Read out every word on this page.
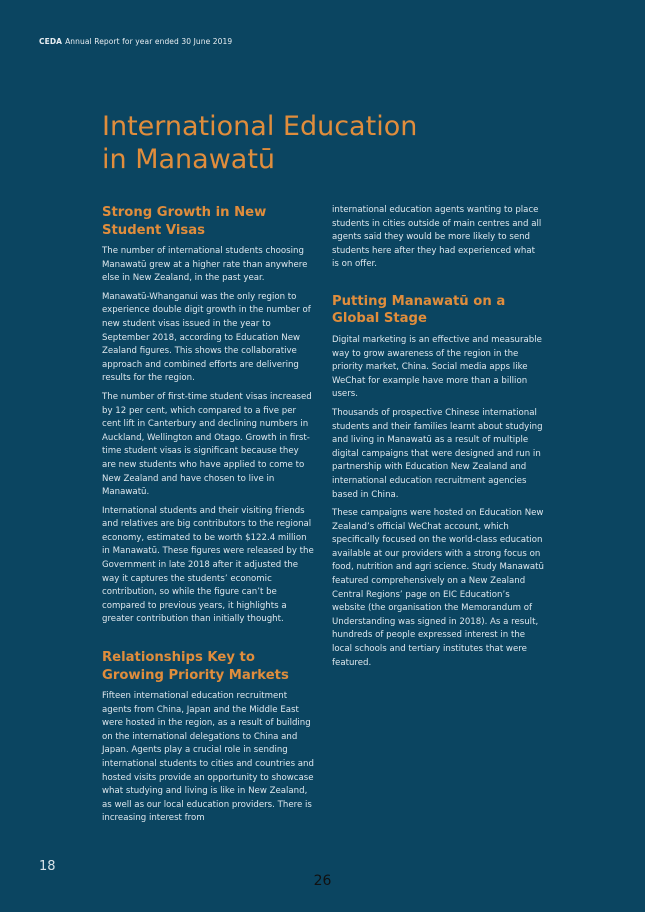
CEDA Annual Report for year ended 30 June 2019
International Education
in Manawatū
Strong Growth in New Student Visas

The number of international students choosing Manawatū grew at a higher rate than anywhere else in New Zealand, in the past year.

Manawatū-Whanganui was the only region to experience double digit growth in the number of new student visas issued in the year to September 2018, according to Education New Zealand figures. This shows the collaborative approach and combined efforts are delivering results for the region.

The number of first-time student visas increased by 12 per cent, which compared to a five per cent lift in Canterbury and declining numbers in Auckland, Wellington and Otago. Growth in first-time student visas is significant because they are new students who have applied to come to New Zealand and have chosen to live in Manawatū.

International students and their visiting friends and relatives are big contributors to the regional economy, estimated to be worth $122.4 million in Manawatū. These figures were released by the Government in late 2018 after it adjusted the way it captures the students’ economic contribution, so while the figure can’t be compared to previous years, it highlights a greater contribution than initially thought.

Relationships Key to Growing Priority Markets

Fifteen international education recruitment agents from China, Japan and the Middle East were hosted in the region, as a result of building on the international delegations to China and Japan. Agents play a crucial role in sending international students to cities and countries and hosted visits provide an opportunity to showcase what studying and living is like in New Zealand, as well as our local education providers. There is increasing interest from

international education agents wanting to place students in cities outside of main centres and all agents said they would be more likely to send students here after they had experienced what is on offer.

Putting Manawatū on a Global Stage

Digital marketing is an effective and measurable way to grow awareness of the region in the priority market, China. Social media apps like WeChat for example have more than a billion users.

Thousands of prospective Chinese international students and their families learnt about studying and living in Manawatū as a result of multiple digital campaigns that were designed and run in partnership with Education New Zealand and international education recruitment agencies based in China.

These campaigns were hosted on Education New Zealand’s official WeChat account, which specifically focused on the world-class education available at our providers with a strong focus on food, nutrition and agri science. Study Manawatū featured comprehensively on a New Zealand Central Regions’ page on EIC Education’s website (the organisation the Memorandum of Understanding was signed in 2018). As a result, hundreds of people expressed interest in the local schools and tertiary institutes that were featured.

18
26
